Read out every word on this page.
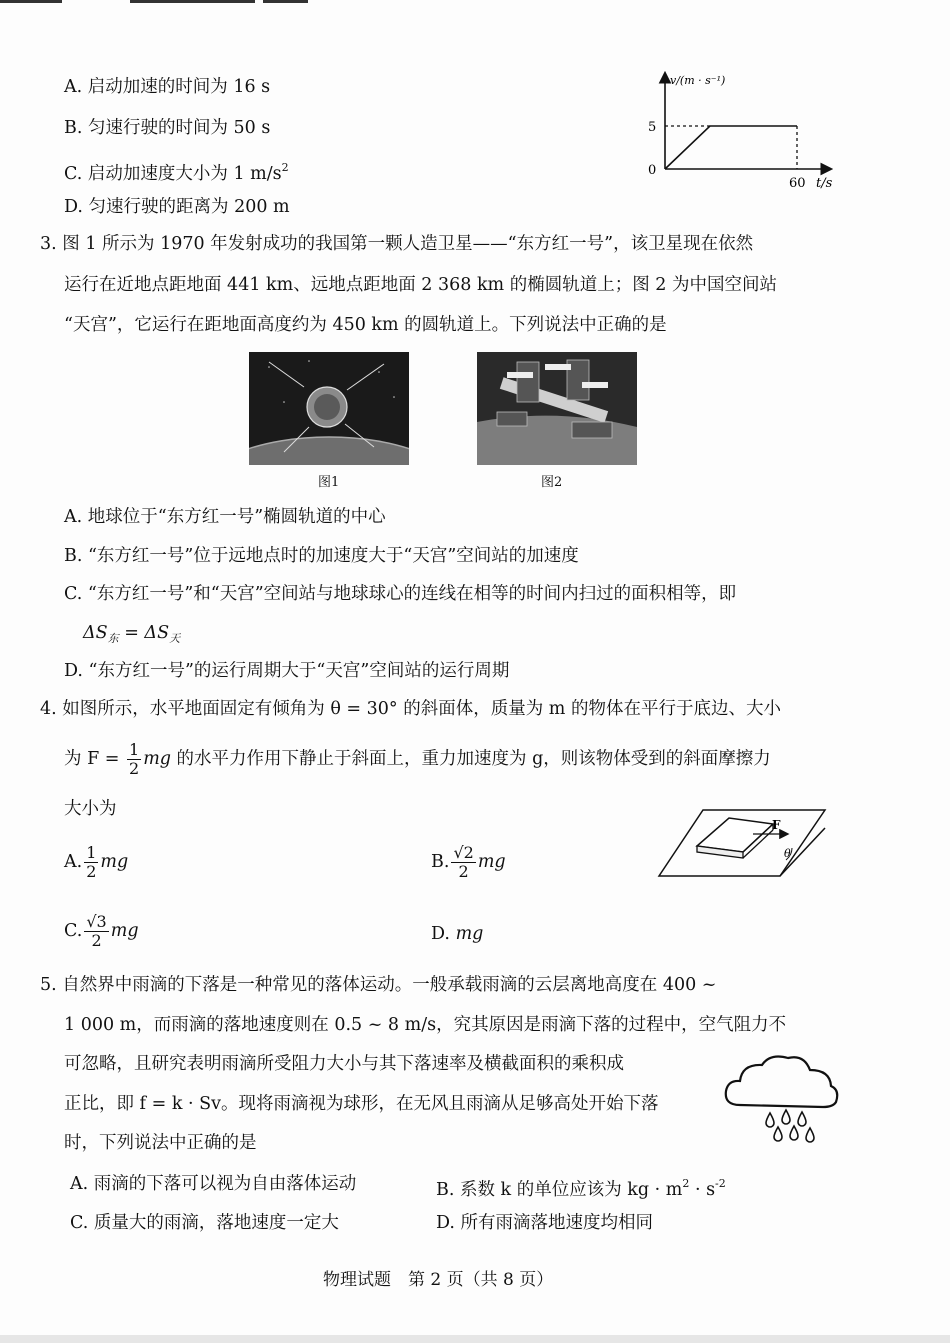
A. 启动加速的时间为 16 s
B. 匀速行驶的时间为 50 s
C. 启动加速度大小为 1 $m/s^2$
D. 匀速行驶的距离为 200 m
v/(m · s⁻¹)
5
0
60 t/s
3. 图 1 所示为 1970 年发射成功的我国第一颗人造卫星——“东方红一号”，该卫星现在依然
运行在近地点距地面 441 km、远地点距地面 2 368 km 的椭圆轨道上；图 2 为中国空间站
“天宫”，它运行在距地面高度约为 450 km 的圆轨道上。下列说法中正确的是
图1	图2
A. 地球位于“东方红一号”椭圆轨道的中心
B. “东方红一号”位于远地点时的加速度大于“天宫”空间站的加速度
C. “东方红一号”和“天宫”空间站与地球球心的连线在相等的时间内扫过的面积相等，即
$\Delta S_东 = \Delta S_天$
D. “东方红一号”的运行周期大于“天宫”空间站的运行周期
4. 如图所示，水平地面固定有倾角为 θ = 30° 的斜面体，质量为 m 的物体在平行于底边、大小
为 $F = \frac{1}{2}$ mg 的水平力作用下静止于斜面上，重力加速度为 g，则该物体受到的斜面摩擦力
大小为
A. $\frac{1}{2}$ mg	B. $\frac{√2}{2}$ mg
C. $\frac{√3}{2}$ mg	D. mg
F
θ
5. 自然界中雨滴的下落是一种常见的落体运动。一般承载雨滴的云层离地高度在 400 ~
1 000 m，而雨滴的落地速度则在 0.5 ~ 8 m/s，究其原因是雨滴下落的过程中，空气阻力不
可忽略，且研究表明雨滴所受阻力大小与其下落速率及横截面积的乘积成
正比，即 f = k · Sv。现将雨滴视为球形，在无风且雨滴从足够高处开始下落
时，下列说法中正确的是
A. 雨滴的下落可以视为自由落体运动	B. 系数 k 的单位应该为 kg · $m^2 \cdot s^{-2}$
C. 质量大的雨滴，落地速度一定大	D. 所有雨滴落地速度均相同
物理试题　第 2 页（共 8 页）
